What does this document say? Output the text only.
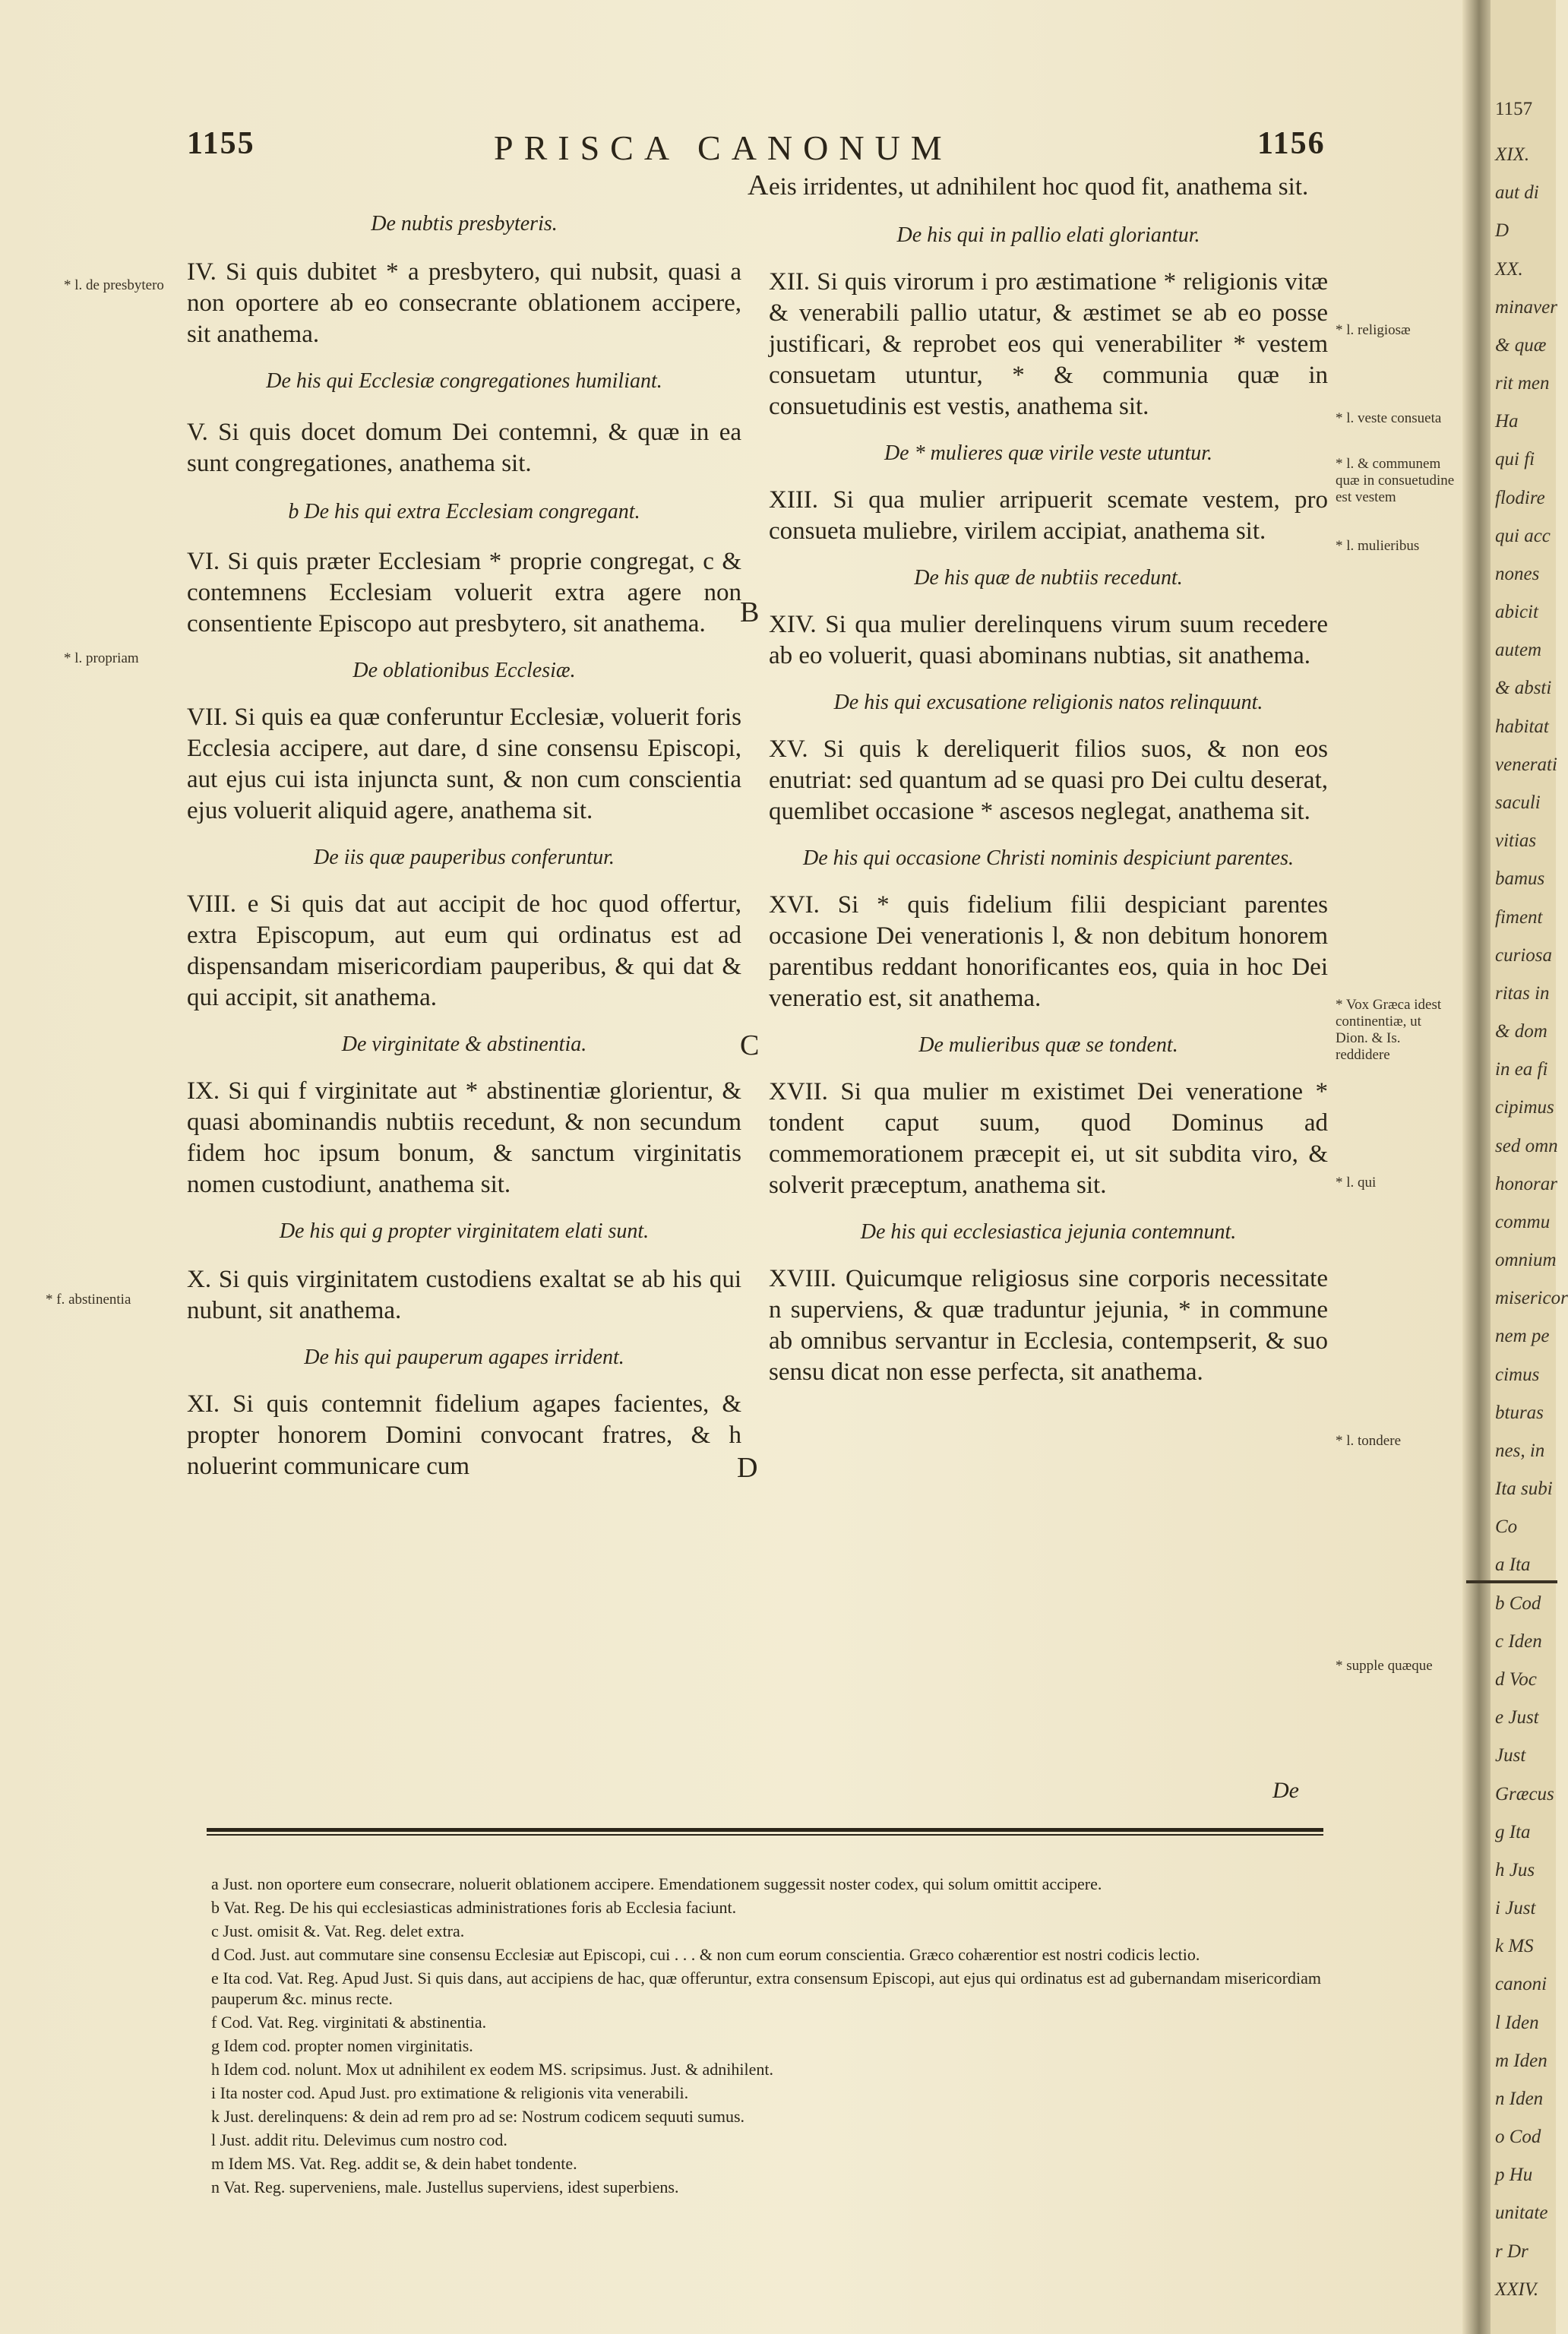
1155	PRISCA CANONUM	1156

De nubtis presbyteris.

IV. Si quis dubitet * a presbytero, qui nubsit, quasi a non oportere ab eo consecrante oblationem accipere, sit anathema.

De his qui Ecclesiæ congregationes humiliant.

V. Si quis docet domum Dei contemni, & quæ in ea sunt congregationes, anathema sit.

b De his qui extra Ecclesiam congregant.

VI. Si quis præter Ecclesiam * proprie congregat, c & contemnens Ecclesiam voluerit extra agere non consentiente Episcopo aut presbytero, sit anathema.

De oblationibus Ecclesiæ.

VII. Si quis ea quæ conferuntur Ecclesiæ, voluerit foris Ecclesia accipere, aut dare, d sine consensu Episcopi, aut ejus cui ista injuncta sunt, & non cum conscientia ejus voluerit aliquid agere, anathema sit.

De iis quæ pauperibus conferuntur.

VIII. e Si quis dat aut accipit de hoc quod offertur, extra Episcopum, aut eum qui ordinatus est ad dispensandam misericordiam pauperibus, & qui dat & qui accipit, sit anathema.

De virginitate & abstinentia.

IX. Si qui f virginitate aut * abstinentiæ glorientur, & quasi abominandis nubtiis recedunt, & non secundum fidem hoc ipsum bonum, & sanctum virginitatis nomen custodiunt, anathema sit.

De his qui g propter virginitatem elati sunt.

X. Si quis virginitatem custodiens exaltat se ab his qui nubunt, sit anathema.

De his qui pauperum agapes irrident.

XI. Si quis contemnit fidelium agapes facientes, & propter honorem Domini convocant fratres, & h noluerint communicare cum

eis irridentes, ut adnihilent hoc quod fit, anathema sit.

De his qui in pallio elati gloriantur.

XII. Si quis virorum i pro æstimatione * religionis vitæ & venerabili pallio utatur, & æstimet se ab eo posse justificari, & reprobet eos qui venerabiliter * vestem consuetam utuntur, * & communia quæ in consuetudinis est vestis, anathema sit.

De * mulieres quæ virile veste utuntur.

XIII. Si qua mulier arripuerit scemate vestem, pro consueta muliebre, virilem accipiat, anathema sit.

De his quæ de nubtiis recedunt.

XIV. Si qua mulier derelinquens virum suum recedere ab eo voluerit, quasi abominans nubtias, sit anathema.

De his qui excusatione religionis natos relinquunt.

XV. Si quis k dereliquerit filios suos, & non eos enutriat: sed quantum ad se quasi pro Dei cultu deserat, quemlibet occasione * ascesos neglegat, anathema sit.

De his qui occasione Christi nominis despiciunt parentes.

XVI. Si * quis fidelium filii despiciant parentes occasione Dei venerationis l, & non debitum honorem parentibus reddant honorificantes eos, quia in hoc Dei veneratio est, sit anathema.

De mulieribus quæ se tondent.

XVII. Si qua mulier m existimet Dei veneratione * tondent caput suum, quod Dominus ad commemorationem præcepit ei, ut sit subdita viro, & solverit præceptum, anathema sit.

De his qui ecclesiastica jejunia contemnunt.

XVIII. Quicumque religiosus sine corporis necessitate n superviens, & quæ traduntur jejunia, * in commune ab omnibus servantur in Ecclesia, contempserit, & suo sensu dicat non esse perfecta, sit anathema.

A
B
C
D
* l. de presbytero
* l. propriam
* f. abstinentia
* l. religiosæ
* l. veste consueta
* l. & communem quæ in consuetudine est vestem
* l. mulieribus
* Vox Græca idest continentiæ, ut Dion. & Is. reddidere
* l. qui
* l. tondere
* supple quæque
De

a Just. non oportere eum consecrare, noluerit oblationem accipere. Emendationem suggessit noster codex, qui solum omittit accipere.

b Vat. Reg. De his qui ecclesiasticas administrationes foris ab Ecclesia faciunt.

c Just. omisit &. Vat. Reg. delet extra.

d Cod. Just. aut commutare sine consensu Ecclesiæ aut Episcopi, cui . . . & non cum eorum conscientia. Græco cohærentior est nostri codicis lectio.

e Ita cod. Vat. Reg. Apud Just. Si quis dans, aut accipiens de hac, quæ offeruntur, extra consensum Episcopi, aut ejus qui ordinatus est ad gubernandam misericordiam pauperum &c. minus recte.

f Cod. Vat. Reg. virginitati & abstinentia.

g Idem cod. propter nomen virginitatis.

h Idem cod. nolunt. Mox ut adnihilent ex eodem MS. scripsimus. Just. & adnihilent.

i Ita noster cod. Apud Just. pro extimatione & religionis vita venerabili.

k Just. derelinquens: & dein ad rem pro ad se: Nostrum codicem sequuti sumus.

l Just. addit ritu. Delevimus cum nostro cod.

m Idem MS. Vat. Reg. addit se, & dein habet tondente.

n Vat. Reg. superveniens, male. Justellus superviens, idest superbiens.

1157
XIX.
aut di
D
XX.
minaver
& quæ
rit men
Ha
qui fi
flodire
qui acc
nones
abicit
autem
& absti
habitat
venerati
saculi
vitias
bamus
fiment
curiosa
ritas in
& dom
in ea fi
cipimus
sed omn
honorar
commu
omnium
misericor
nem pe
cimus
bturas
nes, in
Ita subi
Co
a Ita
b Cod
c Iden
d Voc
e Just
Just
Græcus
g Ita
h Jus
i Just
k MS
canoni
l Iden
m Iden
n Iden
o Cod
p Hu
unitate
r Dr
XXIV.
